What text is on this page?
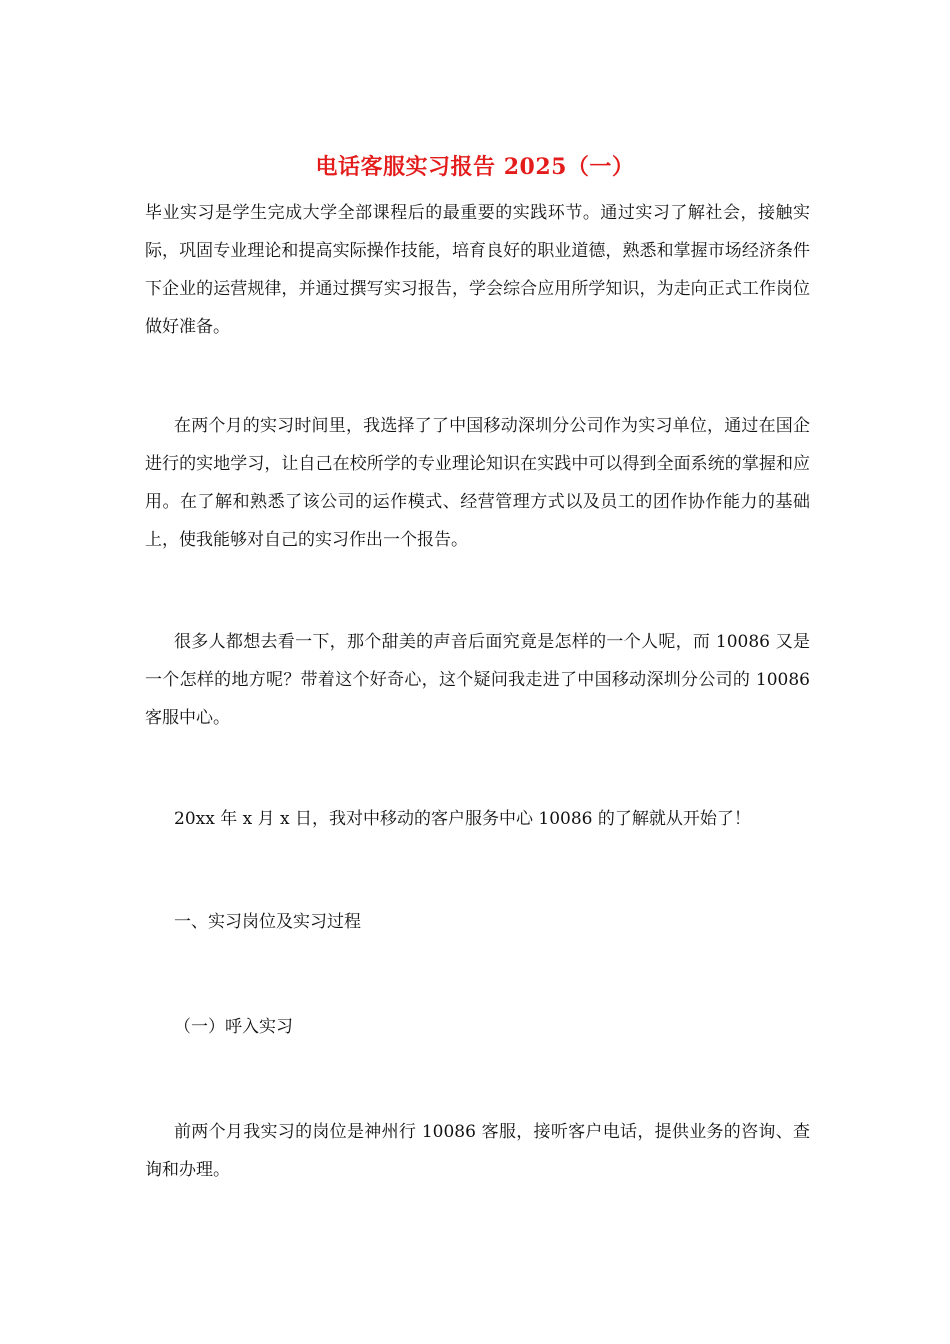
电话客服实习报告 2025（一）

毕业实习是学生完成大学全部课程后的最重要的实践环节。通过实习了解社会，接触实际，巩固专业理论和提高实际操作技能，培育良好的职业道德，熟悉和掌握市场经济条件下企业的运营规律，并通过撰写实习报告，学会综合应用所学知识，为走向正式工作岗位做好准备。

在两个月的实习时间里，我选择了了中国移动深圳分公司作为实习单位，通过在国企进行的实地学习，让自己在校所学的专业理论知识在实践中可以得到全面系统的掌握和应用。在了解和熟悉了该公司的运作模式、经营管理方式以及员工的团作协作能力的基础上，使我能够对自己的实习作出一个报告。

很多人都想去看一下，那个甜美的声音后面究竟是怎样的一个人呢，而 10086 又是一个怎样的地方呢？带着这个好奇心，这个疑问我走进了中国移动深圳分公司的 10086 客服中心。

20xx 年 x 月 x 日，我对中移动的客户服务中心 10086 的了解就从开始了！

一、实习岗位及实习过程

（一）呼入实习

前两个月我实习的岗位是神州行 10086 客服，接听客户电话，提供业务的咨询、查询和办理。
